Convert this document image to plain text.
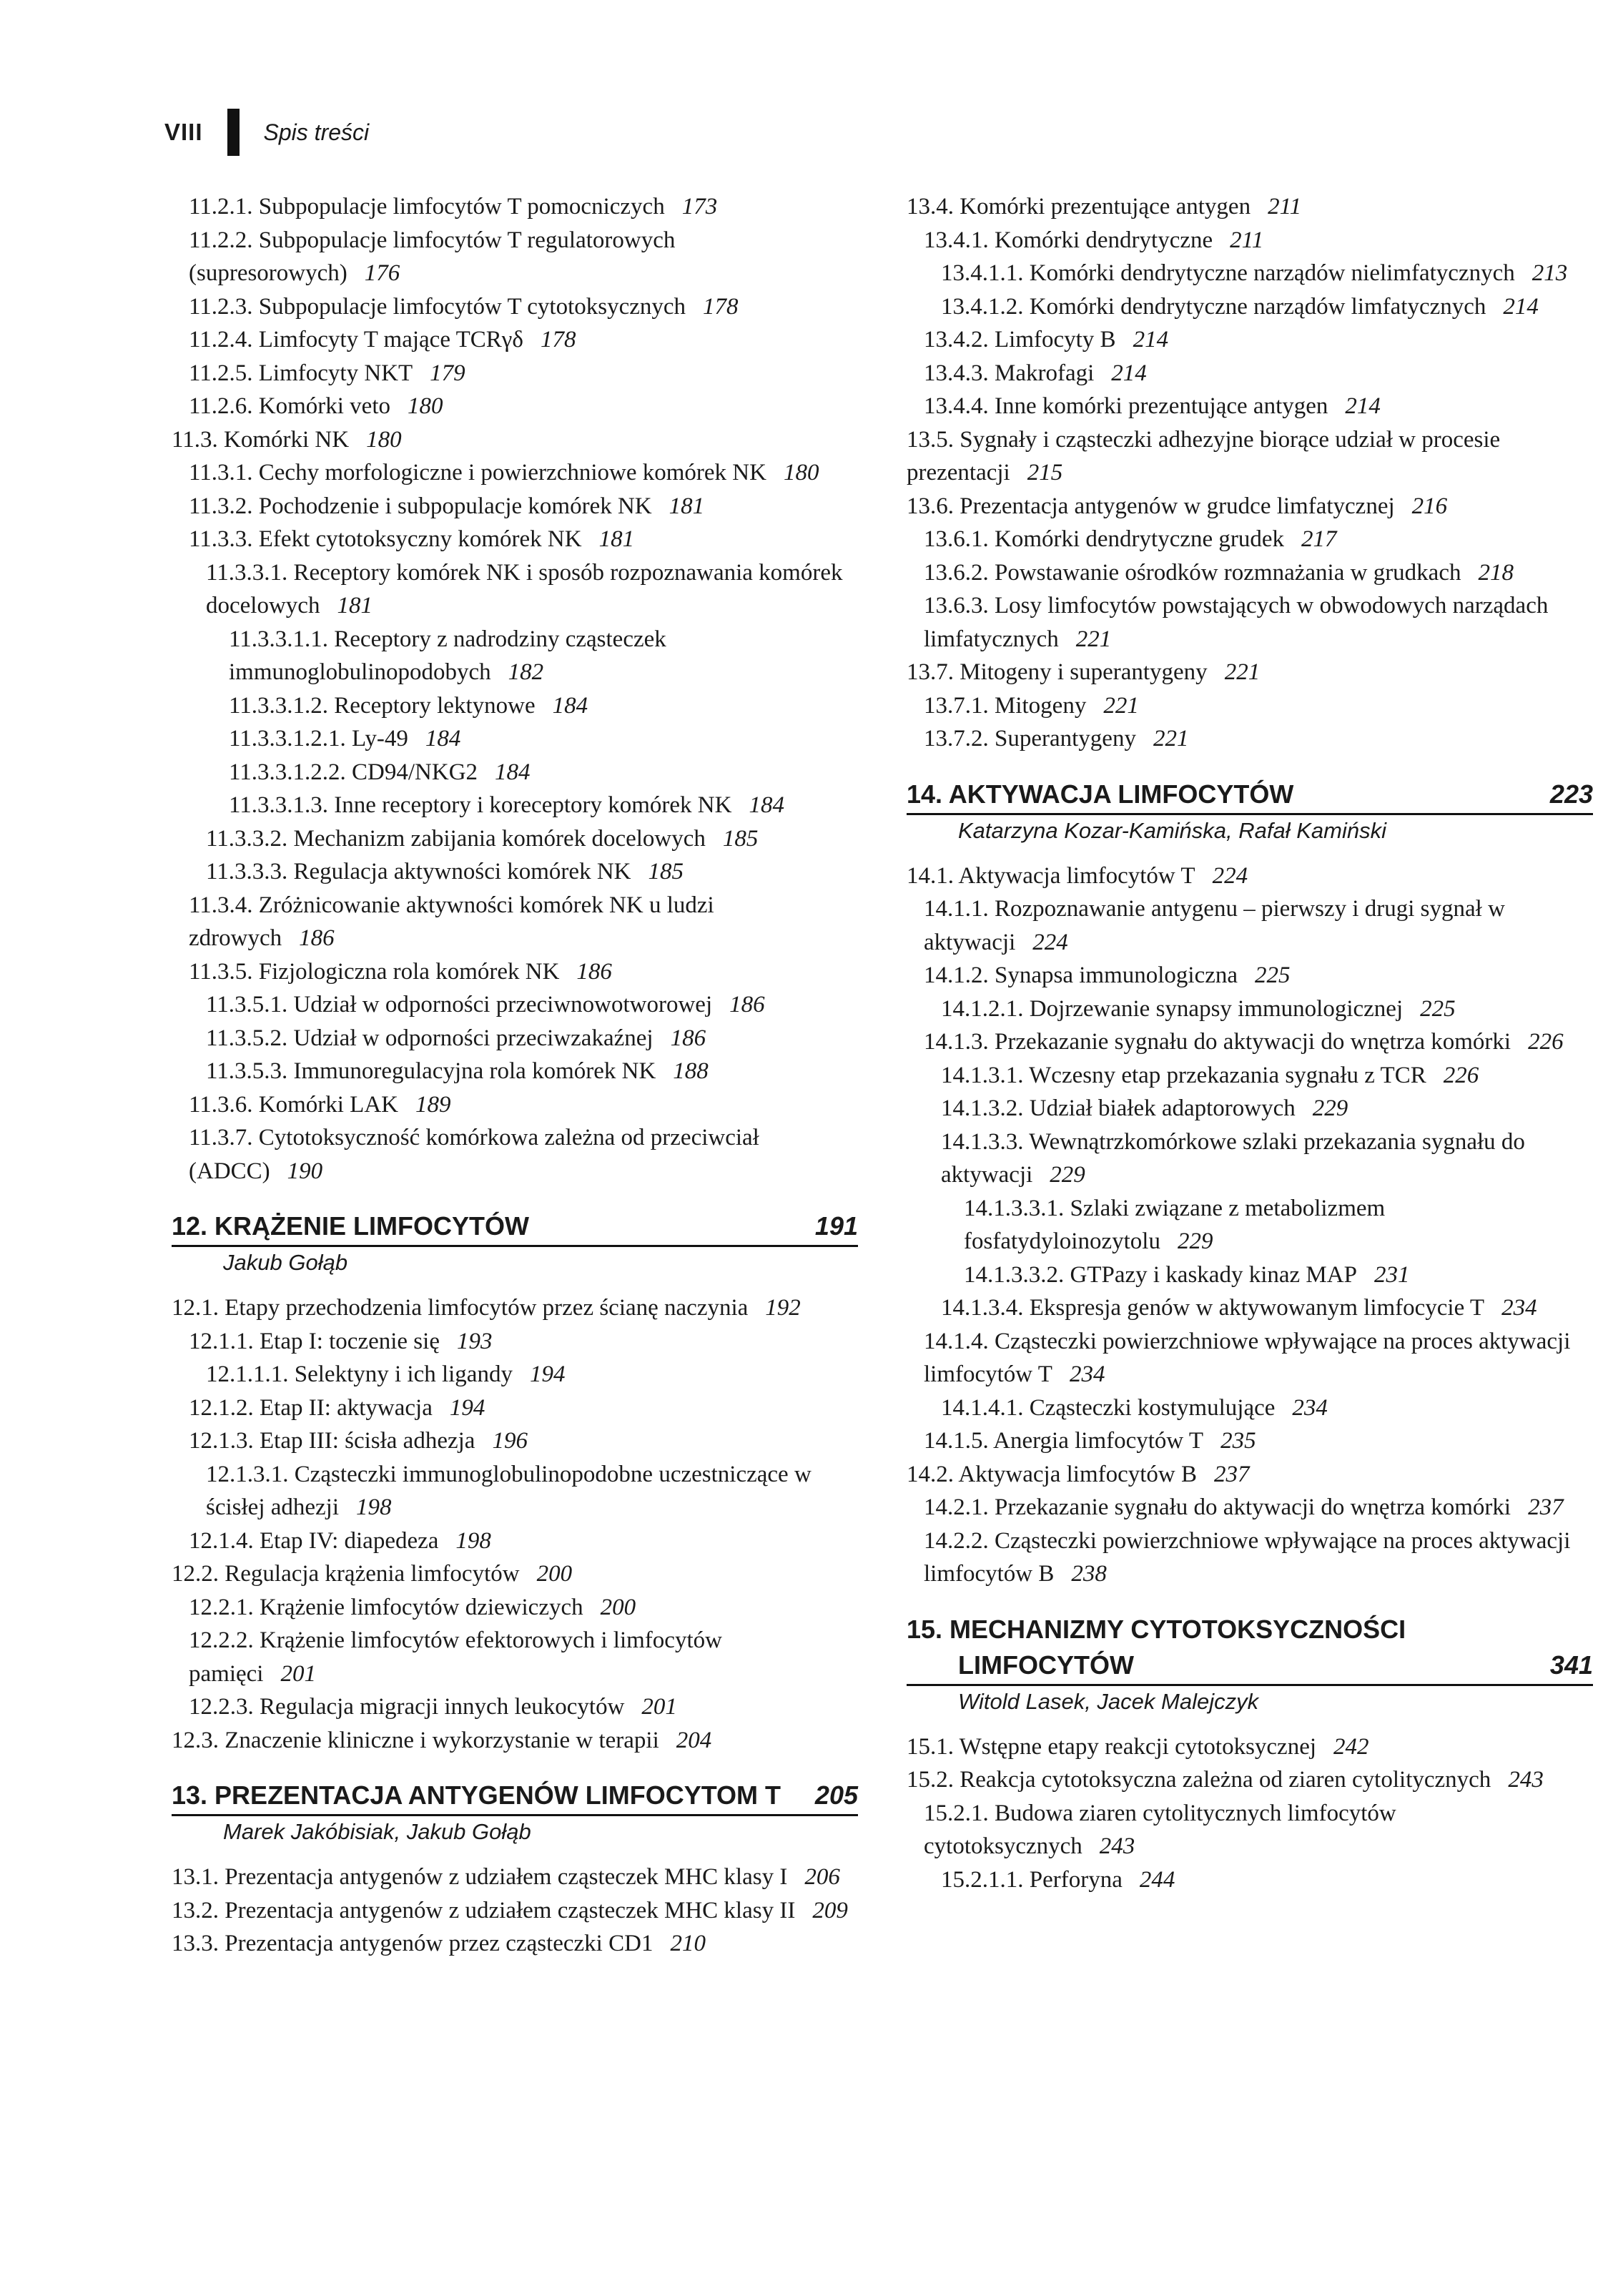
VIII	Spis treści
11.2.1. Subpopulacje limfocytów T pomocniczych 173
11.2.2. Subpopulacje limfocytów T regulatorowych (supresorowych) 176
11.2.3. Subpopulacje limfocytów T cytotoksycznych 178
11.2.4. Limfocyty T mające TCRγδ 178
11.2.5. Limfocyty NKT 179
11.2.6. Komórki veto 180
11.3. Komórki NK 180
11.3.1. Cechy morfologiczne i powierzchniowe komórek NK 180
11.3.2. Pochodzenie i subpopulacje komórek NK 181
11.3.3. Efekt cytotoksyczny komórek NK 181
11.3.3.1. Receptory komórek NK i sposób rozpoznawania komórek docelowych 181
11.3.3.1.1. Receptory z nadrodziny cząsteczek immunoglobulinopodobych 182
11.3.3.1.2. Receptory lektynowe 184
11.3.3.1.2.1. Ly-49 184
11.3.3.1.2.2. CD94/NKG2 184
11.3.3.1.3. Inne receptory i koreceptory komórek NK 184
11.3.3.2. Mechanizm zabijania komórek docelowych 185
11.3.3.3. Regulacja aktywności komórek NK 185
11.3.4. Zróżnicowanie aktywności komórek NK u ludzi zdrowych 186
11.3.5. Fizjologiczna rola komórek NK 186
11.3.5.1. Udział w odporności przeciwnowotworowej 186
11.3.5.2. Udział w odporności przeciwzakaźnej 186
11.3.5.3. Immunoregulacyjna rola komórek NK 188
11.3.6. Komórki LAK 189
11.3.7. Cytotoksyczność komórkowa zależna od przeciwciał (ADCC) 190
12. KRĄŻENIE LIMFOCYTÓW	191
Jakub Gołąb
12.1. Etapy przechodzenia limfocytów przez ścianę naczynia 192
12.1.1. Etap I: toczenie się 193
12.1.1.1. Selektyny i ich ligandy 194
12.1.2. Etap II: aktywacja 194
12.1.3. Etap III: ścisła adhezja 196
12.1.3.1. Cząsteczki immunoglobulinopodobne uczestniczące w ścisłej adhezji 198
12.1.4. Etap IV: diapedeza 198
12.2. Regulacja krążenia limfocytów 200
12.2.1. Krążenie limfocytów dziewiczych 200
12.2.2. Krążenie limfocytów efektorowych i limfocytów pamięci 201
12.2.3. Regulacja migracji innych leukocytów 201
12.3. Znaczenie kliniczne i wykorzystanie w terapii 204
13. PREZENTACJA ANTYGENÓW LIMFOCYTOM T 205
Marek Jakóbisiak, Jakub Gołąb
13.1. Prezentacja antygenów z udziałem cząsteczek MHC klasy I 206
13.2. Prezentacja antygenów z udziałem cząsteczek MHC klasy II 209
13.3. Prezentacja antygenów przez cząsteczki CD1 210
13.4. Komórki prezentujące antygen 211
13.4.1. Komórki dendrytyczne 211
13.4.1.1. Komórki dendrytyczne narządów nielimfatycznych 213
13.4.1.2. Komórki dendrytyczne narządów limfatycznych 214
13.4.2. Limfocyty B 214
13.4.3. Makrofagi 214
13.4.4. Inne komórki prezentujące antygen 214
13.5. Sygnały i cząsteczki adhezyjne biorące udział w procesie prezentacji 215
13.6. Prezentacja antygenów w grudce limfatycznej 216
13.6.1. Komórki dendrytyczne grudek 217
13.6.2. Powstawanie ośrodków rozmnażania w grudkach 218
13.6.3. Losy limfocytów powstających w obwodowych narządach limfatycznych 221
13.7. Mitogeny i superantygeny 221
13.7.1. Mitogeny 221
13.7.2. Superantygeny 221
14. AKTYWACJA LIMFOCYTÓW	223
Katarzyna Kozar-Kamińska, Rafał Kamiński
14.1. Aktywacja limfocytów T 224
14.1.1. Rozpoznawanie antygenu – pierwszy i drugi sygnał w aktywacji 224
14.1.2. Synapsa immunologiczna 225
14.1.2.1. Dojrzewanie synapsy immunologicznej 225
14.1.3. Przekazanie sygnału do aktywacji do wnętrza komórki 226
14.1.3.1. Wczesny etap przekazania sygnału z TCR 226
14.1.3.2. Udział białek adaptorowych 229
14.1.3.3. Wewnątrzkomórkowe szlaki przekazania sygnału do aktywacji 229
14.1.3.3.1. Szlaki związane z metabolizmem fosfatydyloinozytolu 229
14.1.3.3.2. GTPazy i kaskady kinaz MAP 231
14.1.3.4. Ekspresja genów w aktywowanym limfocycie T 234
14.1.4. Cząsteczki powierzchniowe wpływające na proces aktywacji limfocytów T 234
14.1.4.1. Cząsteczki kostymulujące 234
14.1.5. Anergia limfocytów T 235
14.2. Aktywacja limfocytów B 237
14.2.1. Przekazanie sygnału do aktywacji do wnętrza komórki 237
14.2.2. Cząsteczki powierzchniowe wpływające na proces aktywacji limfocytów B 238
15. MECHANIZMY CYTOTOKSYCZNOŚCI
LIMFOCYTÓW	341
Witold Lasek, Jacek Malejczyk
15.1. Wstępne etapy reakcji cytotoksycznej 242
15.2. Reakcja cytotoksyczna zależna od ziaren cytolitycznych 243
15.2.1. Budowa ziaren cytolitycznych limfocytów cytotoksycznych 243
15.2.1.1. Perforyna 244
